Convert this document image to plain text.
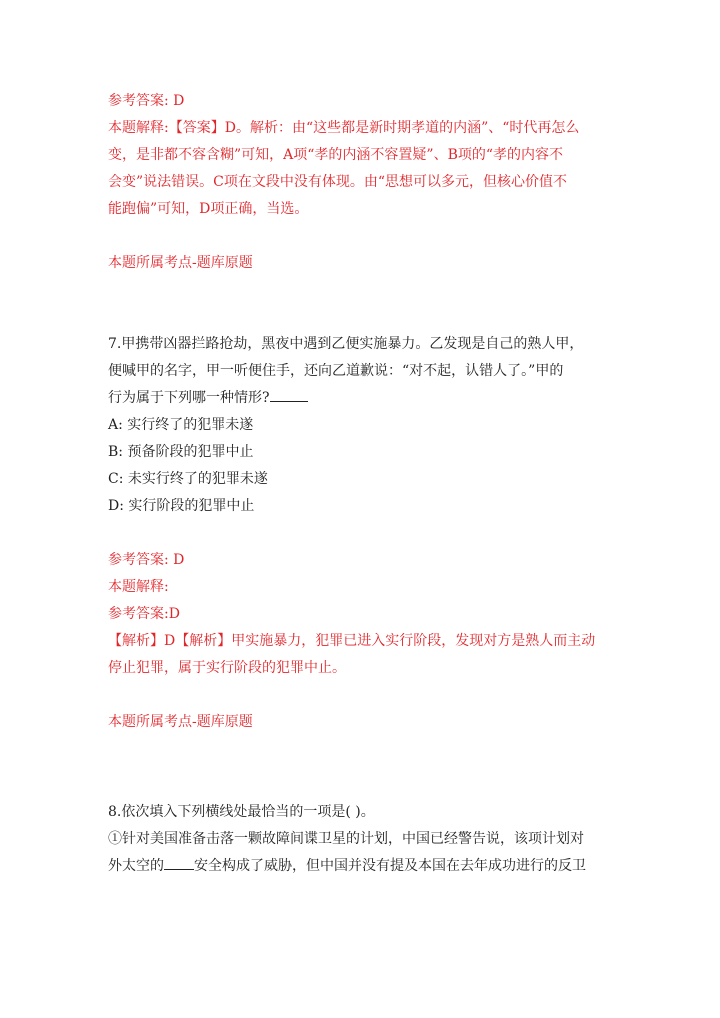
参考答案: D

本题解释:【答案】D。解析：由“这些都是新时期孝道的内涵”、“时代再怎么

变，是非都不容含糊”可知，A项“孝的内涵不容置疑”、B项的“孝的内容不

会变”说法错误。C项在文段中没有体现。由“思想可以多元，但核心价值不

能跑偏”可知，D项正确，当选。

本题所属考点-题库原题

7.甲携带凶器拦路抢劫，黑夜中遇到乙便实施暴力。乙发现是自己的熟人甲，

便喊甲的名字，甲一听便住手，还向乙道歉说：“对不起，认错人了。”甲的

行为属于下列哪一种情形?

A: 实行终了的犯罪未遂

B: 预备阶段的犯罪中止

C: 未实行终了的犯罪未遂

D: 实行阶段的犯罪中止

参考答案: D

本题解释:

参考答案:D

【解析】D【解析】甲实施暴力，犯罪已进入实行阶段，发现对方是熟人而主动

停止犯罪，属于实行阶段的犯罪中止。

本题所属考点-题库原题

8.依次填入下列横线处最恰当的一项是( )。

①针对美国准备击落一颗故障间谍卫星的计划，中国已经警告说，该项计划对

外太空的 安全构成了威胁，但中国并没有提及本国在去年成功进行的反卫
